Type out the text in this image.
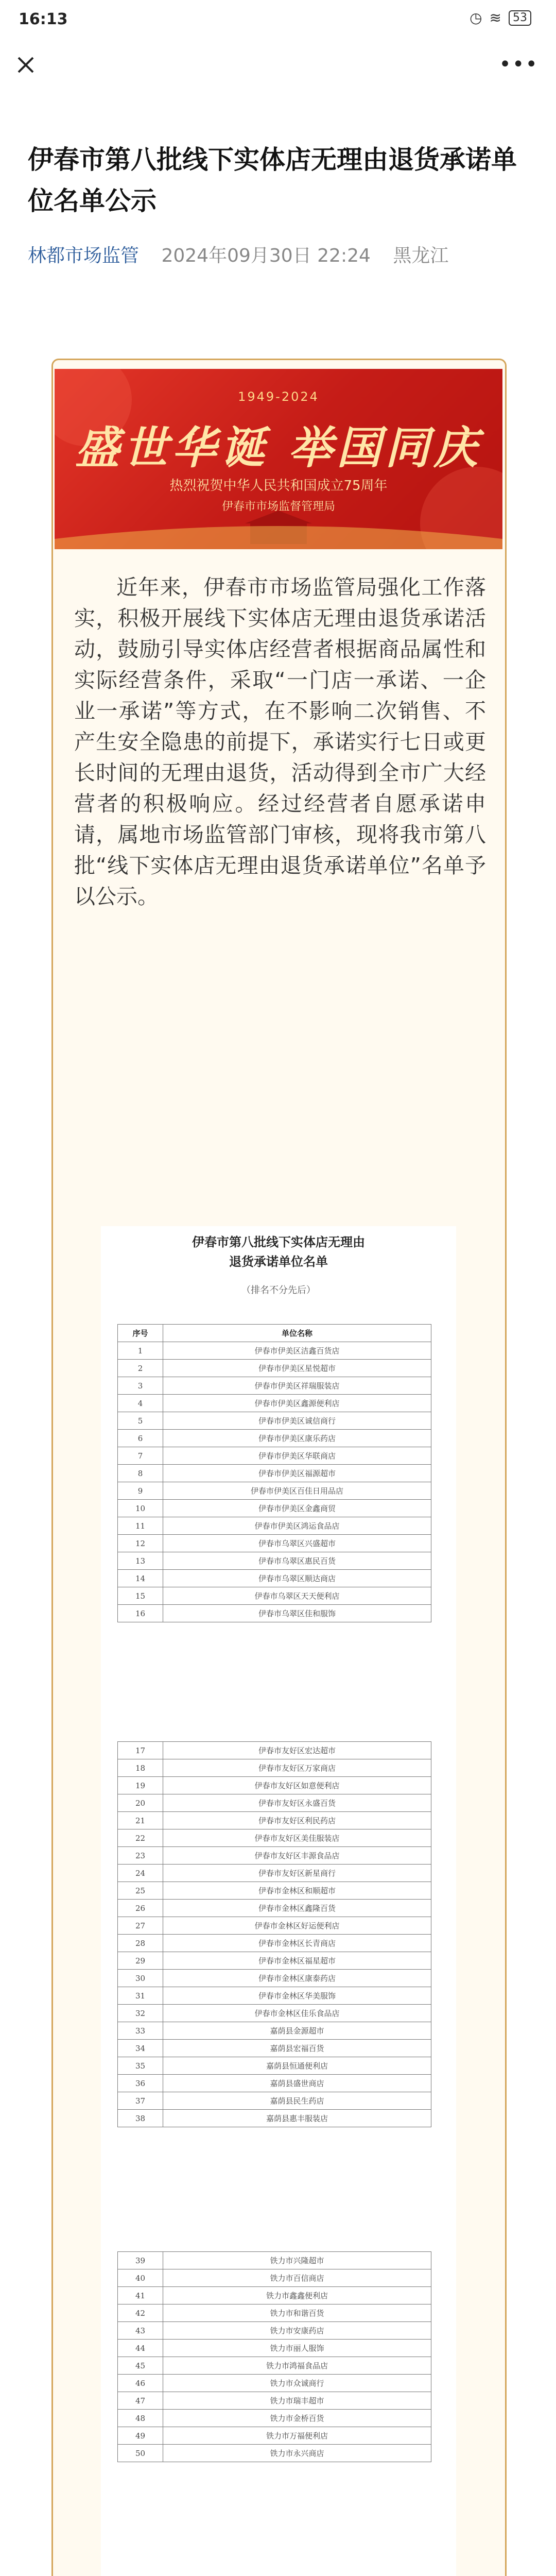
16:13	◷ ≋	53
•••
伊春市第八批线下实体店无理由退货承诺单位名单公示
林都市场监管 2024年09月30日 22:24 黑龙江
1949-2024
盛世华诞 举国同庆
热烈祝贺中华人民共和国成立75周年
伊春市市场监督管理局
近年来，伊春市市场监管局强化工作落实，积极开展线下实体店无理由退货承诺活动，鼓励引导实体店经营者根据商品属性和实际经营条件，采取“一门店一承诺、一企业一承诺”等方式，在不影响二次销售、不产生安全隐患的前提下，承诺实行七日或更长时间的无理由退货，活动得到全市广大经营者的积极响应。经过经营者自愿承诺申请，属地市场监管部门审核，现将我市第八批“线下实体店无理由退货承诺单位”名单予以公示。
伊春市第八批线下实体店无理由
退货承诺单位名单
（排名不分先后）
序号	单位名称
1	伊春市伊美区洁鑫百货店
2	伊春市伊美区星悦超市
3	伊春市伊美区祥瑞服装店
4	伊春市伊美区鑫源便利店
5	伊春市伊美区诚信商行
6	伊春市伊美区康乐药店
7	伊春市伊美区华联商店
8	伊春市伊美区福源超市
9	伊春市伊美区百佳日用品店
10	伊春市伊美区金鑫商贸
11	伊春市伊美区鸿运食品店
12	伊春市乌翠区兴盛超市
13	伊春市乌翠区惠民百货
14	伊春市乌翠区顺达商店
15	伊春市乌翠区天天便利店
16	伊春市乌翠区佳和服饰
17	伊春市友好区宏达超市
18	伊春市友好区万家商店
19	伊春市友好区如意便利店
20	伊春市友好区永盛百货
21	伊春市友好区利民药店
22	伊春市友好区美佳服装店
23	伊春市友好区丰源食品店
24	伊春市友好区新星商行
25	伊春市金林区和顺超市
26	伊春市金林区鑫隆百货
27	伊春市金林区好运便利店
28	伊春市金林区长青商店
29	伊春市金林区福星超市
30	伊春市金林区康泰药店
31	伊春市金林区华美服饰
32	伊春市金林区佳乐食品店
33	嘉荫县金源超市
34	嘉荫县宏福百货
35	嘉荫县恒通便利店
36	嘉荫县盛世商店
37	嘉荫县民生药店
38	嘉荫县惠丰服装店
39	铁力市兴隆超市
40	铁力市百信商店
41	铁力市鑫鑫便利店
42	铁力市和谐百货
43	铁力市安康药店
44	铁力市丽人服饰
45	铁力市鸿福食品店
46	铁力市众诚商行
47	铁力市瑞丰超市
48	铁力市金桥百货
49	铁力市万福便利店
50	铁力市永兴商店
